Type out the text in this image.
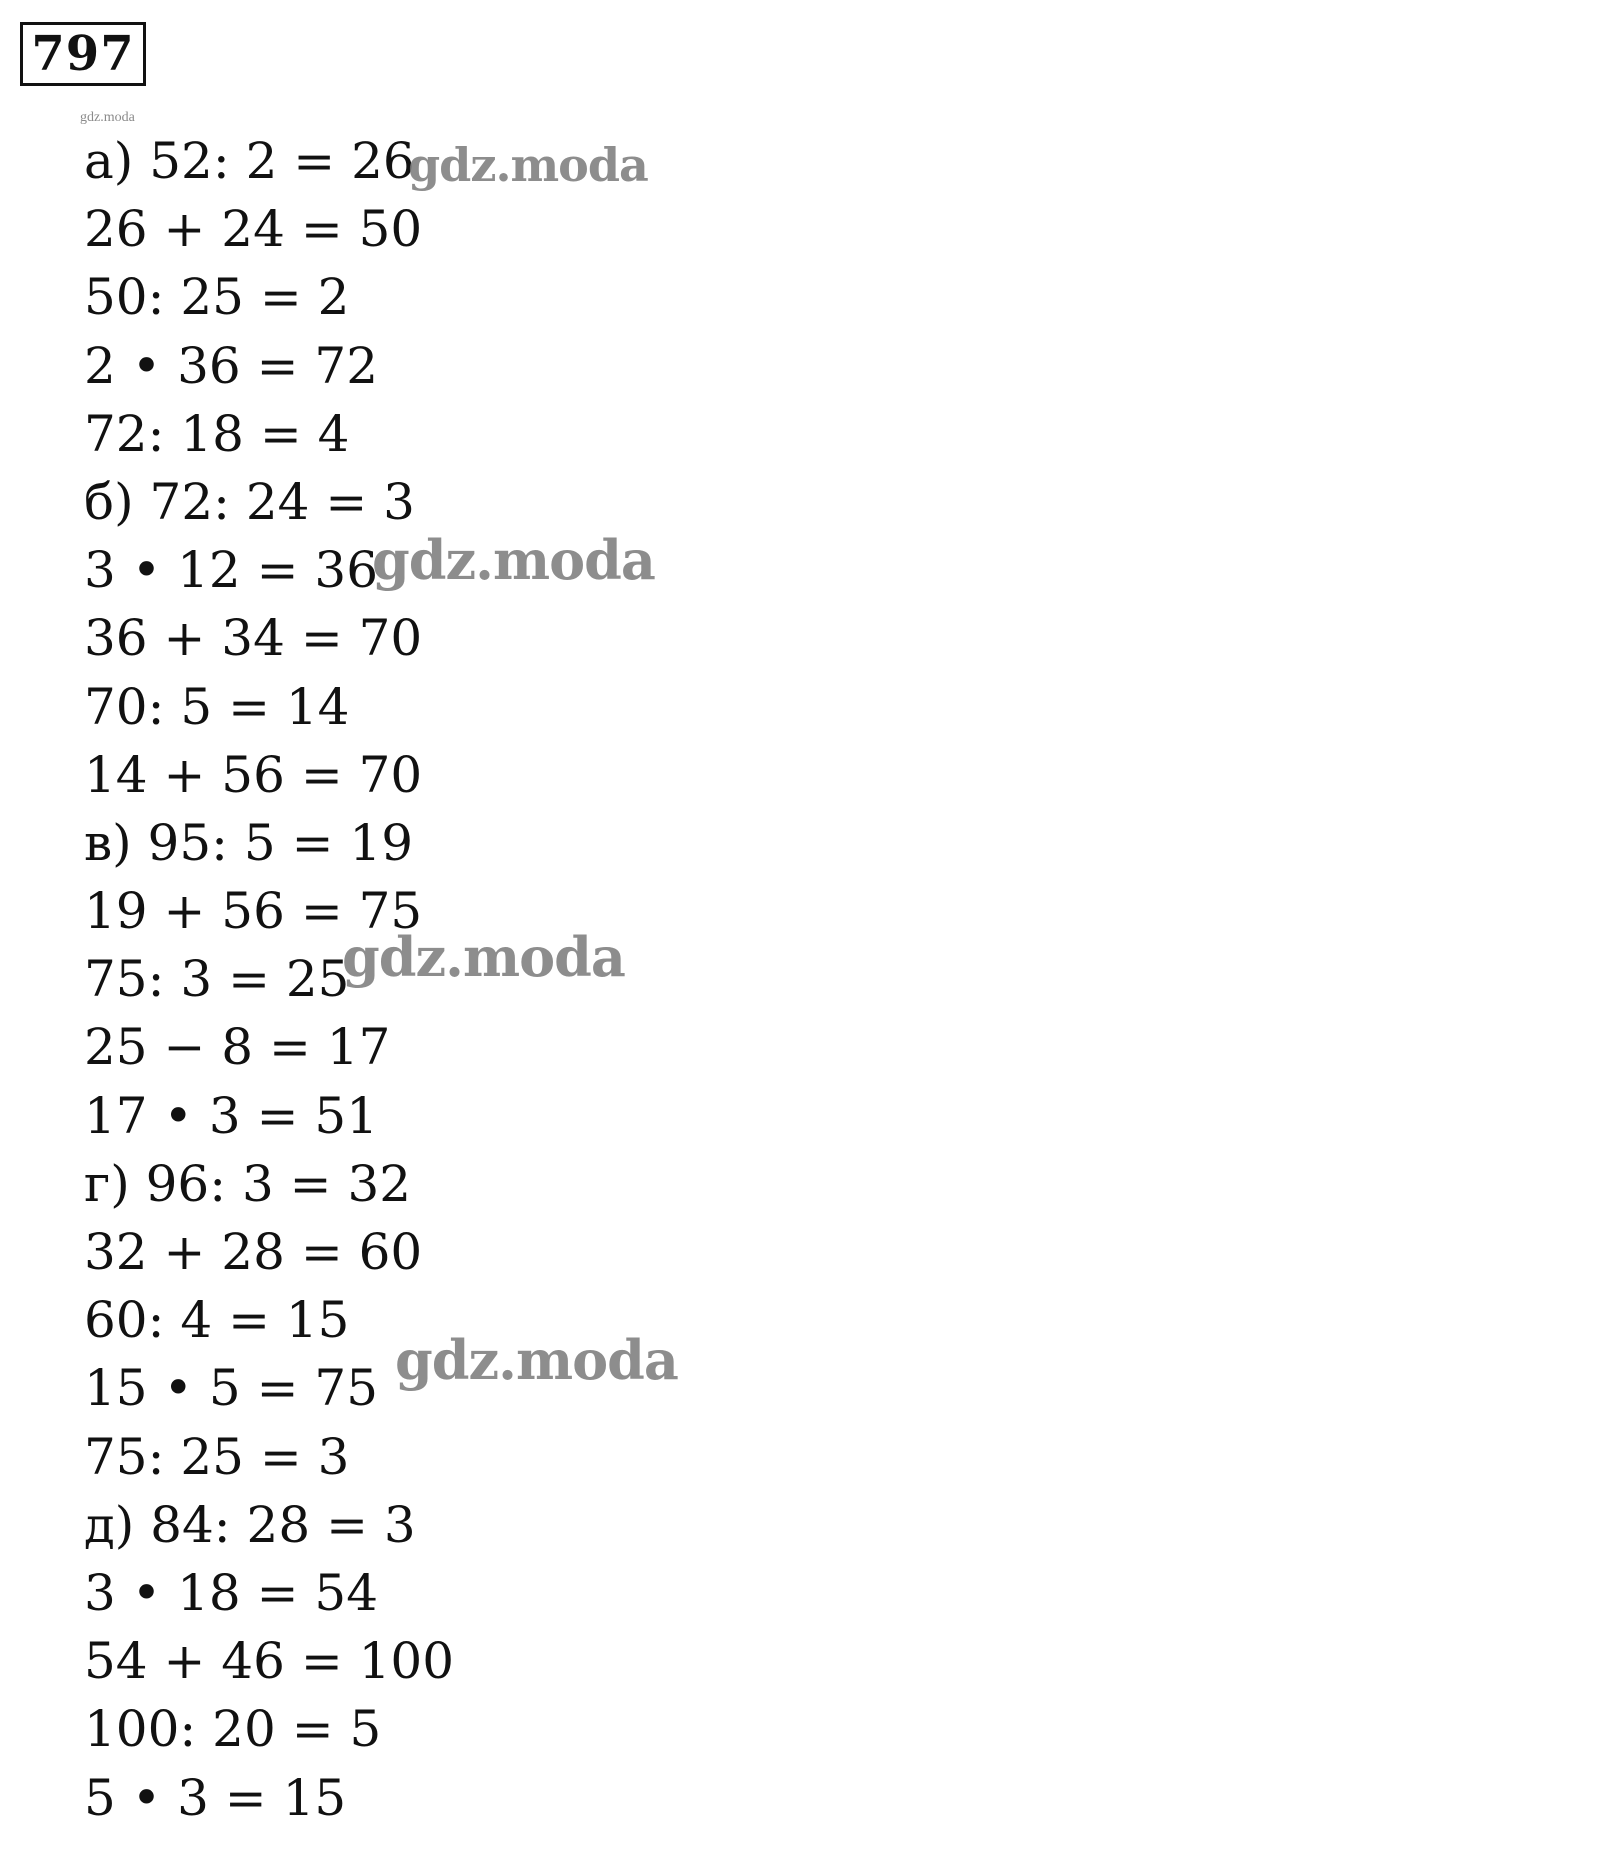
797
gdz.moda
а) 52: 2 = 26
26 + 24 = 50
50: 25 = 2
2 • 36 = 72
72: 18 = 4
б) 72: 24 = 3
3 • 12 = 36
36 + 34 = 70
70: 5 = 14
14 + 56 = 70
в) 95: 5 = 19
19 + 56 = 75
75: 3 = 25
25 − 8 = 17
17 • 3 = 51
г) 96: 3 = 32
32 + 28 = 60
60: 4 = 15
15 • 5 = 75
75: 25 = 3
д) 84: 28 = 3
3 • 18 = 54
54 + 46 = 100
100: 20 = 5
5 • 3 = 15
gdz.moda
gdz.moda
gdz.moda
gdz.moda
